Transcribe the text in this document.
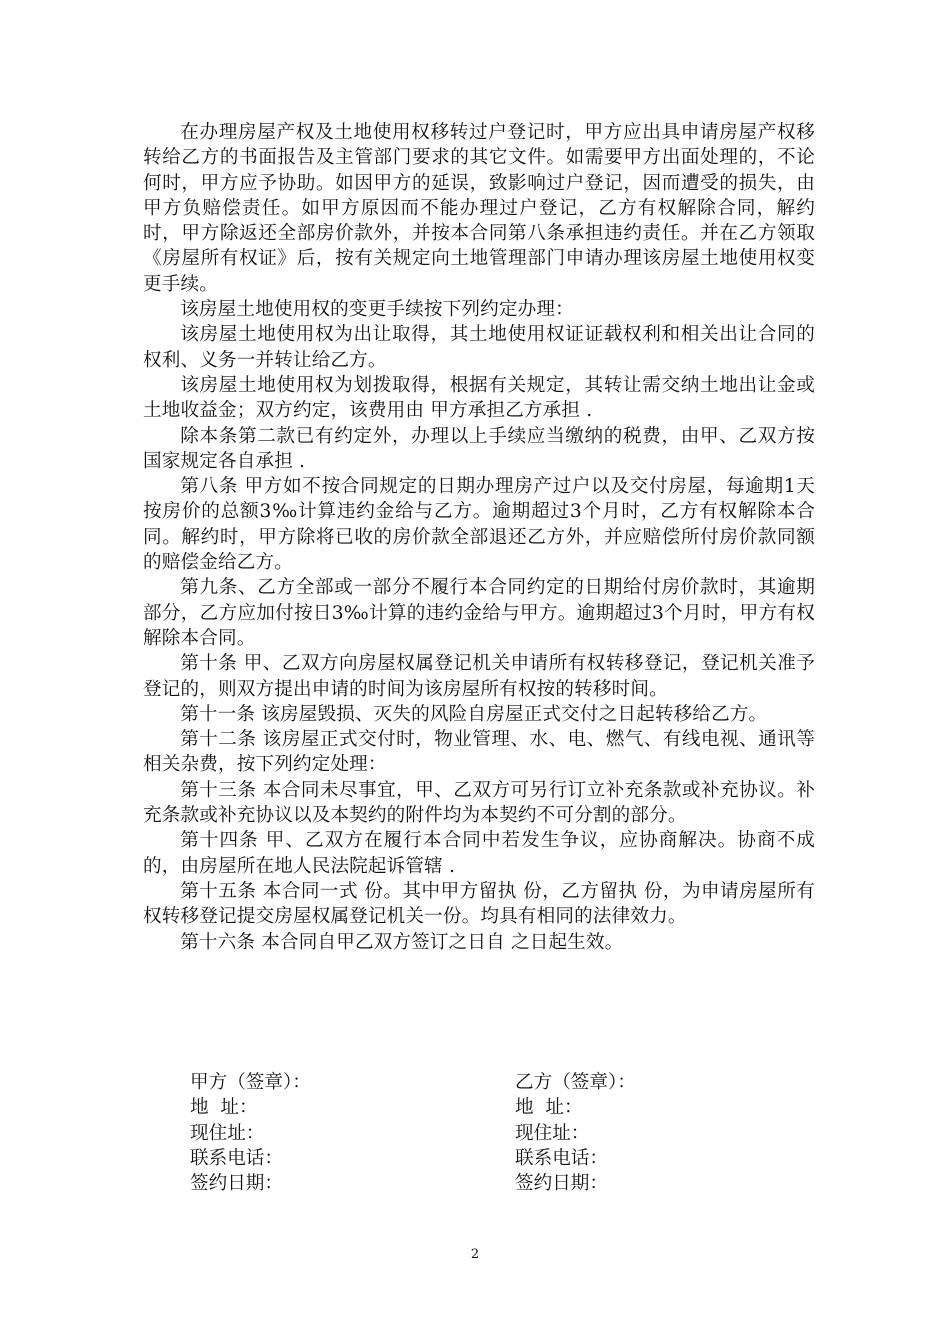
在办理房屋产权及土地使用权移转过户登记时，甲方应出具申请房屋产权移转给乙方的书面报告及主管部门要求的其它文件。如需要甲方出面处理的，不论何时，甲方应予协助。如因甲方的延误，致影响过户登记，因而遭受的损失，由甲方负赔偿责任。如甲方原因而不能办理过户登记，乙方有权解除合同，解约时，甲方除返还全部房价款外，并按本合同第八条承担违约责任。并在乙方领取《房屋所有权证》后，按有关规定向土地管理部门申请办理该房屋土地使用权变更手续。

该房屋土地使用权的变更手续按下列约定办理：

该房屋土地使用权为出让取得，其土地使用权证证载权利和相关出让合同的权利、义务一并转让给乙方。

该房屋土地使用权为划拨取得，根据有关规定，其转让需交纳土地出让金或土地收益金；双方约定，该费用由 甲方承担乙方承担 .

除本条第二款已有约定外，办理以上手续应当缴纳的税费，由甲、乙双方按国家规定各自承担 .

第八条 甲方如不按合同规定的日期办理房产过户以及交付房屋，每逾期1天按房价的总额3‰计算违约金给与乙方。逾期超过3个月时，乙方有权解除本合同。解约时，甲方除将已收的房价款全部退还乙方外，并应赔偿所付房价款同额的赔偿金给乙方。

第九条、乙方全部或一部分不履行本合同约定的日期给付房价款时，其逾期部分，乙方应加付按日3‰计算的违约金给与甲方。逾期超过3个月时，甲方有权解除本合同。

第十条 甲、乙双方向房屋权属登记机关申请所有权转移登记，登记机关准予登记的，则双方提出申请的时间为该房屋所有权按的转移时间。

第十一条 该房屋毁损、灭失的风险自房屋正式交付之日起转移给乙方。

第十二条 该房屋正式交付时，物业管理、水、电、燃气、有线电视、通讯等相关杂费，按下列约定处理：

第十三条 本合同未尽事宜，甲、乙双方可另行订立补充条款或补充协议。补充条款或补充协议以及本契约的附件均为本契约不可分割的部分。

第十四条 甲、乙双方在履行本合同中若发生争议，应协商解决。协商不成的，由房屋所在地人民法院起诉管辖 .

第十五条 本合同一式 份。其中甲方留执 份，乙方留执 份，为申请房屋所有权转移登记提交房屋权属登记机关一份。均具有相同的法律效力。

第十六条 本合同自甲乙双方签订之日自 之日起生效。

甲方（签章）：	乙方（签章）：
地  址：	地  址：
现住址：	现住址：
联系电话：	联系电话：
签约日期：	签约日期：
2
